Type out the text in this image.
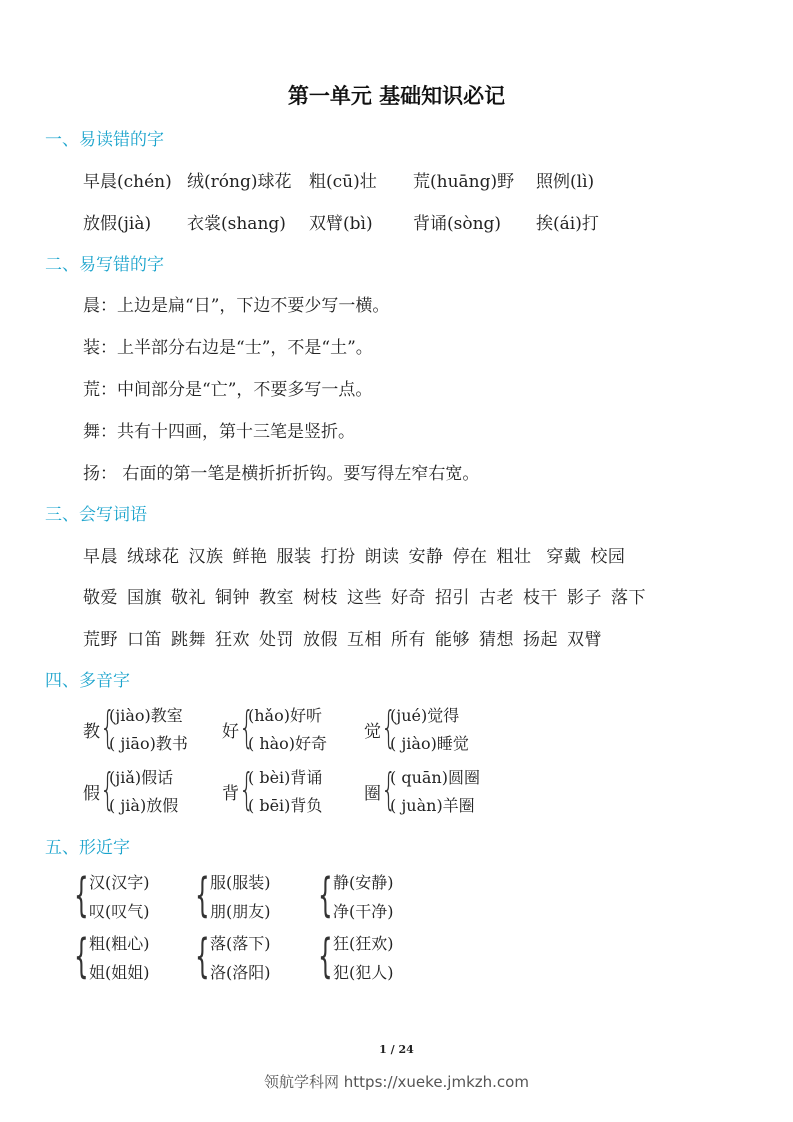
第一单元 基础知识必记
一、易读错的字
早晨(chén) 绒(róng)球花 粗(cū)壮 荒(huāng)野 照例(lì)
放假(jià) 衣裳(shang) 双臂(bì) 背诵(sòng) 挨(ái)打
二、易写错的字
晨：上边是扁“日”，下边不要少写一横。
装：上半部分右边是“士”，不是“土”。
荒：中间部分是“亡”，不要多写一点。
舞：共有十四画，第十三笔是竖折。
扬： 右面的第一笔是横折折折钩。要写得左窄右宽。
三、会写词语
早晨 绒球花 汉族 鲜艳 服装 打扮 朗读 安静 停在 粗壮 穿戴 校园
敬爱 国旗 敬礼 铜钟 教室 树枝 这些 好奇 招引 古老 枝干 影子 落下
荒野 口笛 跳舞 狂欢 处罚 放假 互相 所有 能够 猜想 扬起 双臂
四、多音字
教 {
(jiào)教室
( jiāo)教书
好 {
(hǎo)好听
( hào)好奇
觉 {
(jué)觉得
( jiào)睡觉
假 {
(jiǎ)假话
( jià)放假
背 {
( bèi)背诵
( bēi)背负
圈 {
( quān)圆圈
( juàn)羊圈
五、形近字
{ 汉(汉字)
叹(叹气) { 服(服装)
朋(朋友) { 静(安静)
净(干净)
{ 粗(粗心)
姐(姐姐) { 落(落下)
洛(洛阳) { 狂(狂欢)
犯(犯人)
1 / 24
领航学科网 https://xueke.jmkzh.com
